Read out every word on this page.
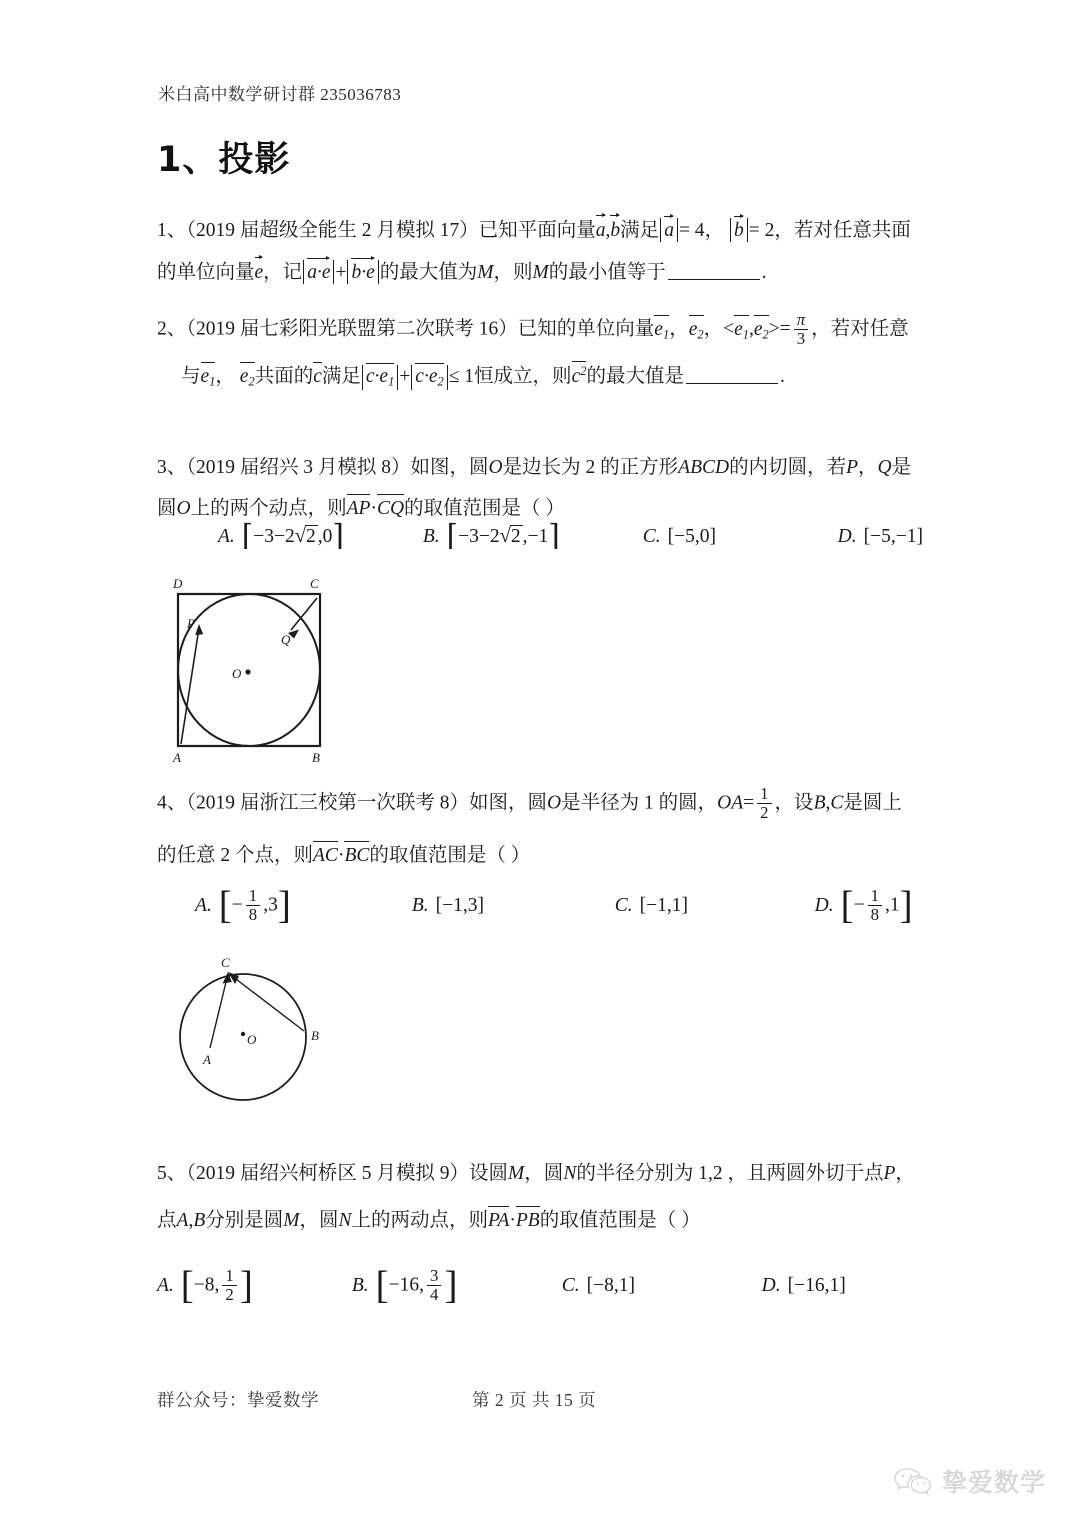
米白高中数学研讨群 235036783
1、投影
1、（2019 届超级全能生 2 月模拟 17）已知平面向量a,b满足 a = 4， b = 2，若对任意共面
的单位向量e，记 a·e + b·e 的最大值为M，则M的最小值等于	.
2、（2019 届七彩阳光联盟第二次联考 16）已知的单位向量$e_1$，$e_2$，$<e_1,e_2>= \frac{\pi}{3}$ ，若对任意
与$e_1$， $e_2$共面的c满足 $c\cdot e_1 + c\cdot e_2 \le 1$恒成立，则$c^2$的最大值是	.
3、（2019 届绍兴 3 月模拟 8）如图，圆O是边长为 2 的正方形ABCD的内切圆，若P，Q是
圆O上的两个动点，则AP·CQ的取值范围是（ ）
A. ⌈−3−2√2 ,0⌉	B. ⌈−3−2√2 ,−1⌉	C. [−5,0]	D. [−5,−1]
D	C
A	B
P
Q
O
4、（2019 届浙江三校第一次联考 8）如图，圆O是半径为 1 的圆，$OA= \frac{1}{2}$ ，设B,C是圆上
的任意 2 个点，则AC·BC的取值范围是（ ）
A. [− $\frac{1}{8} ,3$]	B. [−1,3]	C. [−1,1]	D. [− $\frac{1}{8} ,1$]
C
A
B
O
5、（2019 届绍兴柯桥区 5 月模拟 9）设圆M，圆N的半径分别为 1,2 ，且两圆外切于点P，
点A,B分别是圆M，圆N上的两动点，则PA·PB的取值范围是（ ）
A. [−8, $\frac{1}{2}$ ]	B. [−16, $\frac{3}{4}$ ]	C. [−8,1]	D. [−16,1]
群公众号：挚爱数学	第 2 页 共 15 页
挚爱数学
